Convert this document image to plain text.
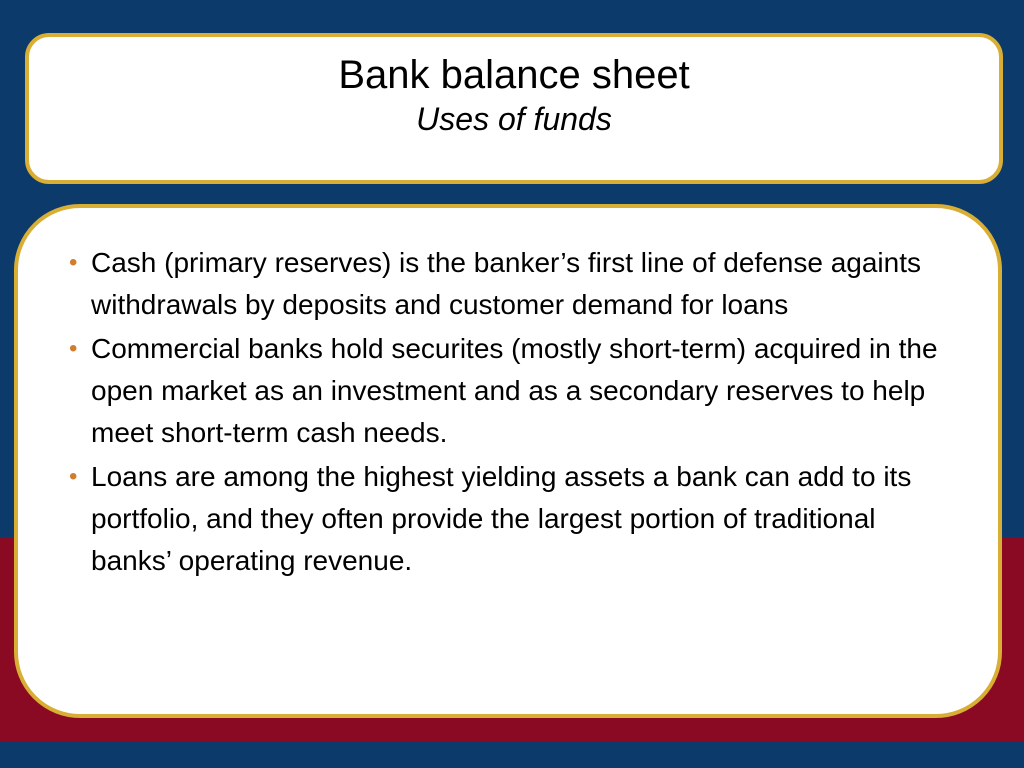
Bank balance sheet

Uses of funds

• Cash (primary reserves) is the banker’s first line of defense againts withdrawals by deposits and customer demand for loans
• Commercial banks hold securites (mostly short-term) acquired in the open market as an investment and as a secondary reserves to help meet short-term cash needs.
• Loans are among the highest yielding assets a bank can add to its portfolio, and they often provide the largest portion of traditional banks’ operating revenue.
